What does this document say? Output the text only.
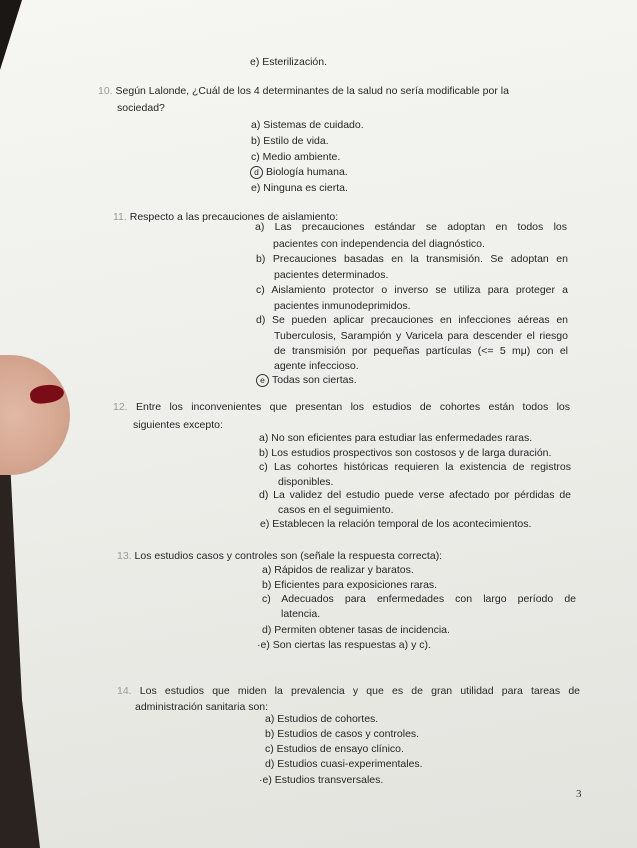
e) Esterilización.
10. Según Lalonde, ¿Cuál de los 4 determinantes de la salud no sería modificable por la
sociedad?
a) Sistemas de cuidado.
b) Estilo de vida.
c) Medio ambiente.
d Biología humana.
e) Ninguna es cierta.
11. Respecto a las precauciones de aislamiento:
a) Las precauciones estándar se adoptan en todos los
pacientes con independencia del diagnóstico.
b) Precauciones basadas en la transmisión. Se adoptan en
pacientes determinados.
c) Aislamiento protector o inverso se utiliza para proteger a
pacientes inmunodeprimidos.
d) Se pueden aplicar precauciones en infecciones aéreas en
Tuberculosis, Sarampión y Varicela para descender el riesgo
de transmisión por pequeñas partículas (<= 5 mμ) con el
agente infeccioso.
e Todas son ciertas.
12. Entre los inconvenientes que presentan los estudios de cohortes están todos los
siguientes excepto:
a) No son eficientes para estudiar las enfermedades raras.
b) Los estudios prospectivos son costosos y de larga duración.
c) Las cohortes históricas requieren la existencia de registros
disponibles.
d) La validez del estudio puede verse afectado por pérdidas de
casos en el seguimiento.
e) Establecen la relación temporal de los acontecimientos.
13. Los estudios casos y controles son (señale la respuesta correcta):
a) Rápidos de realizar y baratos.
b) Eficientes para exposiciones raras.
c) Adecuados para enfermedades con largo período de
latencia.
d) Permiten obtener tasas de incidencia.
·e) Son ciertas las respuestas a) y c).
14. Los estudios que miden la prevalencia y que es de gran utilidad para tareas de
administración sanitaria son:
a) Estudios de cohortes.
b) Estudios de casos y controles.
c) Estudios de ensayo clínico.
d) Estudios cuasi-experimentales.
·e) Estudios transversales.
3
